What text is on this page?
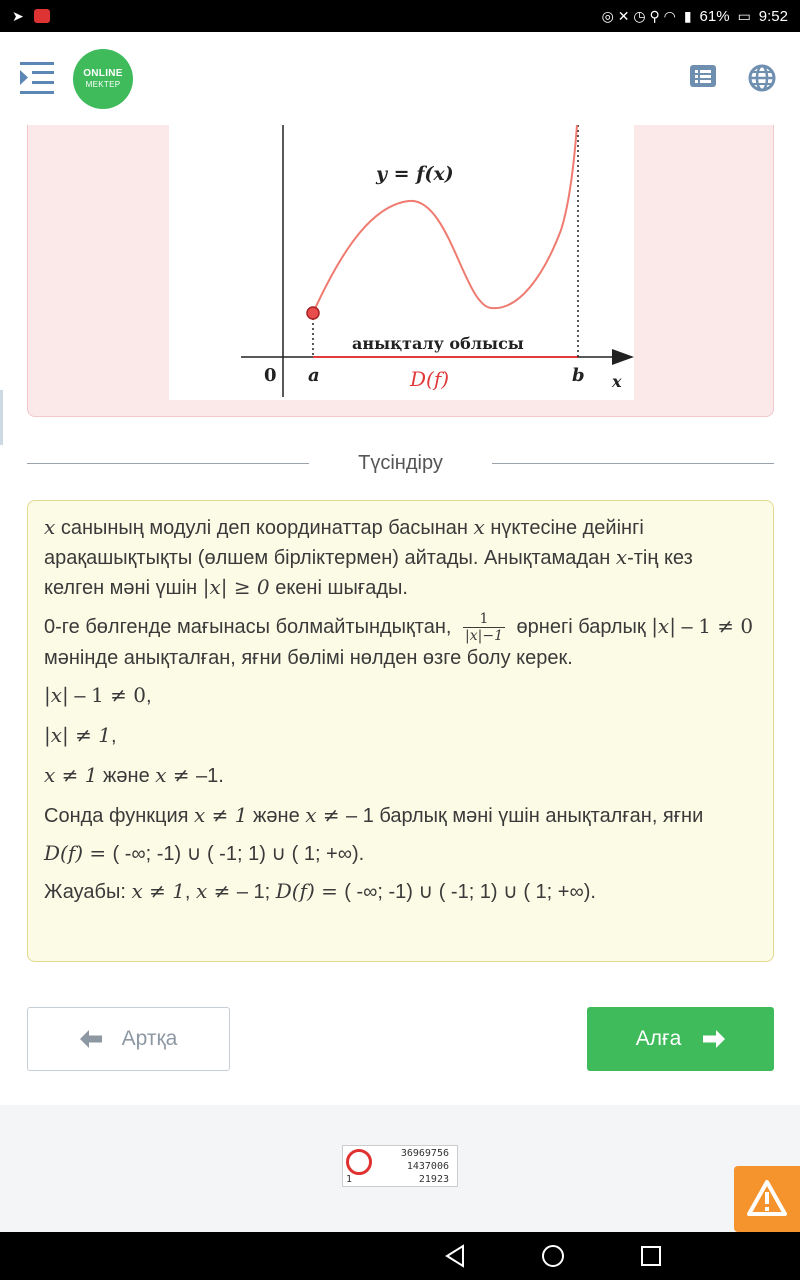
➤	◎ ✕ ◷ ⚲ ◠ ▮ 61% ▭ 9:52
ONLINE
MEKTEP
y = f(x)
анықталу облысы
0 a	b x
D(f)
Түсіндіру

x санының модулі деп координаттар басынан x нүктесіне дейінгі арақашықтықты (өлшем бірліктермен) айтады. Анықтамадан x-тің кез келген мәні үшін |x| ≥ 0 екені шығады.

0-ге бөлгенде мағынасы болмайтындықтан, $\frac{1}{|x|-1}$ өрнегі барлық |x| – 1 ≠ 0 мәнінде анықталған, яғни бөлімі нөлден өзге болу керек.

|x| – 1 ≠ 0,

|x| ≠ 1,

x ≠ 1 және x ≠ –1.

Сонда функция x ≠ 1 және x ≠ – 1 барлық мәні үшін анықталған, яғни

D(f) = ( -∞; -1) ∪ ( -1; 1) ∪ ( 1; +∞).

Жауабы: x ≠ 1, x ≠ – 1; D(f) = ( -∞; -1) ∪ ( -1; 1) ∪ ( 1; +∞).

Артқа	Алға
36969756
1437006
1	21923
